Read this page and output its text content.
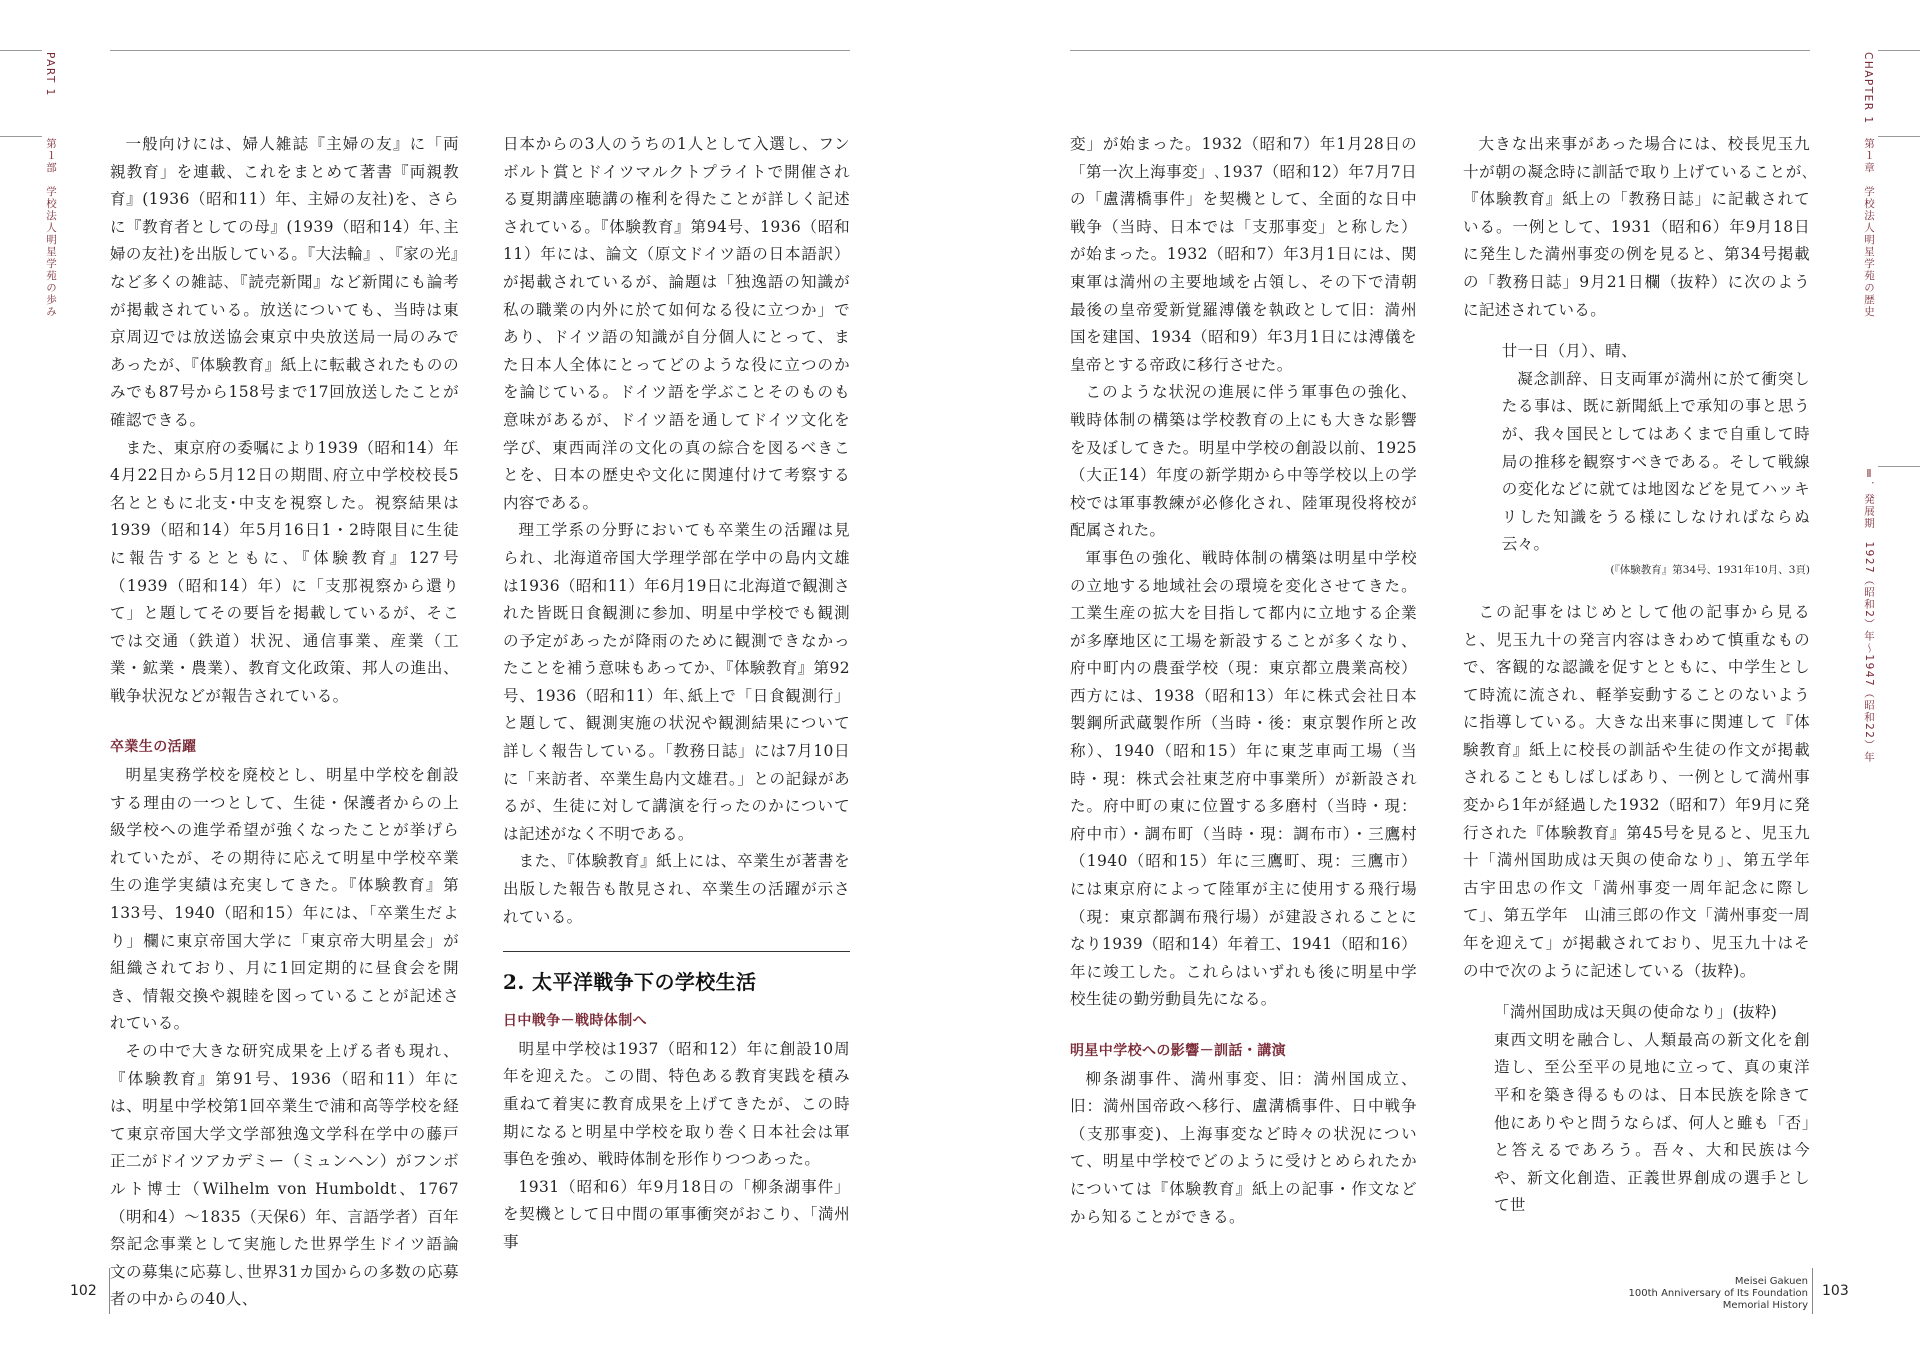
PART 1
第１部　学校法人明星学苑の歩み
CHAPTER 1
第１章　学校法人明星学苑の歴史
Ⅱ．発展期　1927（昭和2）年～1947（昭和22）年

一般向けには、婦人雑誌『主婦の友』に「両親教育」を連載、これをまとめて著書『両親教育』(1936（昭和11）年、主婦の友社)を、さらに『教育者としての母』(1939（昭和14）年､主婦の友社)を出版している。『大法輪』､『家の光』など多くの雑誌､『読売新聞』など新聞にも論考が掲載されている。放送についても、当時は東京周辺では放送協会東京中央放送局一局のみであったが、『体験教育』紙上に転載されたもののみでも87号から158号まで17回放送したことが確認できる。

また、東京府の委嘱により1939（昭和14）年4月22日から5月12日の期間､府立中学校校長5名とともに北支･中支を視察した。視察結果は1939（昭和14）年5月16日1・2時限目に生徒に報告するとともに､『体験教育』127号（1939（昭和14）年）に「支那視察から還りて」と題してその要旨を掲載しているが、そこでは交通（鉄道）状況、通信事業、産業（工業・鉱業・農業）、教育文化政策、邦人の進出、戦争状況などが報告されている。

卒業生の活躍

明星実務学校を廃校とし、明星中学校を創設する理由の一つとして、生徒・保護者からの上級学校への進学希望が強くなったことが挙げられていたが、その期待に応えて明星中学校卒業生の進学実績は充実してきた。『体験教育』第133号、1940（昭和15）年には、「卒業生だより」欄に東京帝国大学に「東京帝大明星会」が組織されており、月に1回定期的に昼食会を開き、情報交換や親睦を図っていることが記述されている。

その中で大きな研究成果を上げる者も現れ、『体験教育』第91号、1936（昭和11）年には、明星中学校第1回卒業生で浦和高等学校を経て東京帝国大学文学部独逸文学科在学中の藤戸正二がドイツアカデミー（ミュンヘン）がフンボルト博士（Wilhelm von Humboldt、1767（明和4）～1835（天保6）年、言語学者）百年祭記念事業として実施した世界学生ドイツ語論文の募集に応募し､世界31カ国からの多数の応募者の中からの40人、

日本からの3人のうちの1人として入選し、フンボルト賞とドイツマルクトプライトで開催される夏期講座聴講の権利を得たことが詳しく記述されている。『体験教育』第94号、1936（昭和11）年には、論文（原文ドイツ語の日本語訳）が掲載されているが、論題は「独逸語の知識が私の職業の内外に於て如何なる役に立つか」であり、ドイツ語の知識が自分個人にとって、また日本人全体にとってどのような役に立つのかを論じている。ドイツ語を学ぶことそのものも意味があるが、ドイツ語を通してドイツ文化を学び、東西両洋の文化の真の綜合を図るべきことを、日本の歴史や文化に関連付けて考察する内容である。

理工学系の分野においても卒業生の活躍は見られ、北海道帝国大学理学部在学中の島内文雄は1936（昭和11）年6月19日に北海道で観測された皆既日食観測に参加、明星中学校でも観測の予定があったが降雨のために観測できなかったことを補う意味もあってか､『体験教育』第92号、1936（昭和11）年､紙上で「日食観測行」と題して、観測実施の状況や観測結果について詳しく報告している。「教務日誌」には7月10日に「来訪者、卒業生島内文雄君。」との記録があるが、生徒に対して講演を行ったのかについては記述がなく不明である。

また､『体験教育』紙上には、卒業生が著書を出版した報告も散見され、卒業生の活躍が示されている。

2. 太平洋戦争下の学校生活
日中戦争－戦時体制へ

明星中学校は1937（昭和12）年に創設10周年を迎えた。この間、特色ある教育実践を積み重ねて着実に教育成果を上げてきたが、この時期になると明星中学校を取り巻く日本社会は軍事色を強め、戦時体制を形作りつつあった。

1931（昭和6）年9月18日の「柳条湖事件」を契機として日中間の軍事衝突がおこり、「満州事

変」が始まった。1932（昭和7）年1月28日の「第一次上海事変」､1937（昭和12）年7月7日の「盧溝橋事件」を契機として、全面的な日中戦争（当時、日本では「支那事変」と称した）が始まった。1932（昭和7）年3月1日には、関東軍は満州の主要地域を占領し、その下で清朝最後の皇帝愛新覚羅溥儀を執政として旧：満州国を建国、1934（昭和9）年3月1日には溥儀を皇帝とする帝政に移行させた。

このような状況の進展に伴う軍事色の強化、戦時体制の構築は学校教育の上にも大きな影響を及ぼしてきた。明星中学校の創設以前、1925（大正14）年度の新学期から中等学校以上の学校では軍事教練が必修化され、陸軍現役将校が配属された。

軍事色の強化、戦時体制の構築は明星中学校の立地する地域社会の環境を変化させてきた。工業生産の拡大を目指して都内に立地する企業が多摩地区に工場を新設することが多くなり、府中町内の農蚕学校（現：東京都立農業高校）西方には、1938（昭和13）年に株式会社日本製鋼所武蔵製作所（当時・後：東京製作所と改称）、1940（昭和15）年に東芝車両工場（当時・現：株式会社東芝府中事業所）が新設された。府中町の東に位置する多磨村（当時・現：府中市）・調布町（当時・現：調布市）・三鷹村（1940（昭和15）年に三鷹町、現：三鷹市）には東京府によって陸軍が主に使用する飛行場（現：東京都調布飛行場）が建設されることになり1939（昭和14）年着工、1941（昭和16）年に竣工した。これらはいずれも後に明星中学校生徒の勤労動員先になる。

明星中学校への影響－訓話・講演

柳条湖事件、満州事変、旧：満州国成立、旧：満州国帝政へ移行、盧溝橋事件、日中戦争（支那事変)、上海事変など時々の状況について、明星中学校でどのように受けとめられたかについては『体験教育』紙上の記事・作文などから知ることができる。

大きな出来事があった場合には、校長児玉九十が朝の凝念時に訓話で取り上げていることが､『体験教育』紙上の「教務日誌」に記載されている。一例として、1931（昭和6）年9月18日に発生した満州事変の例を見ると、第34号掲載の「教務日誌」9月21日欄（抜粋）に次のように記述されている。

廿一日（月）、晴、

凝念訓辞、日支両軍が満州に於て衝突したる事は、既に新聞紙上で承知の事と思うが、我々国民としてはあくまで自重して時局の推移を観察すべきである。そして戦線の変化などに就ては地図などを見てハッキリした知識をうる様にしなければならぬ云々。

(『体験教育』第34号、1931年10月、3頁)

この記事をはじめとして他の記事から見ると、児玉九十の発言内容はきわめて慎重なもので、客観的な認識を促すとともに、中学生として時流に流され、軽挙妄動することのないように指導している。大きな出来事に関連して『体験教育』紙上に校長の訓話や生徒の作文が掲載されることもしばしばあり、一例として満州事変から1年が経過した1932（昭和7）年9月に発行された『体験教育』第45号を見ると、児玉九十「満州国助成は天與の使命なり」、第五学年　古宇田忠の作文「満州事変一周年記念に際して」、第五学年　山浦三郎の作文「満州事変一周年を迎えて」が掲載されており、児玉九十はその中で次のように記述している（抜粋)。

「満州国助成は天與の使命なり」(抜粋)

東西文明を融合し、人類最高の新文化を創造し、至公至平の見地に立って、真の東洋平和を築き得るものは、日本民族を除きて他にありやと問うならば、何人と雖も「否」と答えるであろう。吾々、大和民族は今や、新文化創造、正義世界創成の選手として世

102
Meisei Gakuen
100th Anniversary of Its Foundation
Memorial History
103
